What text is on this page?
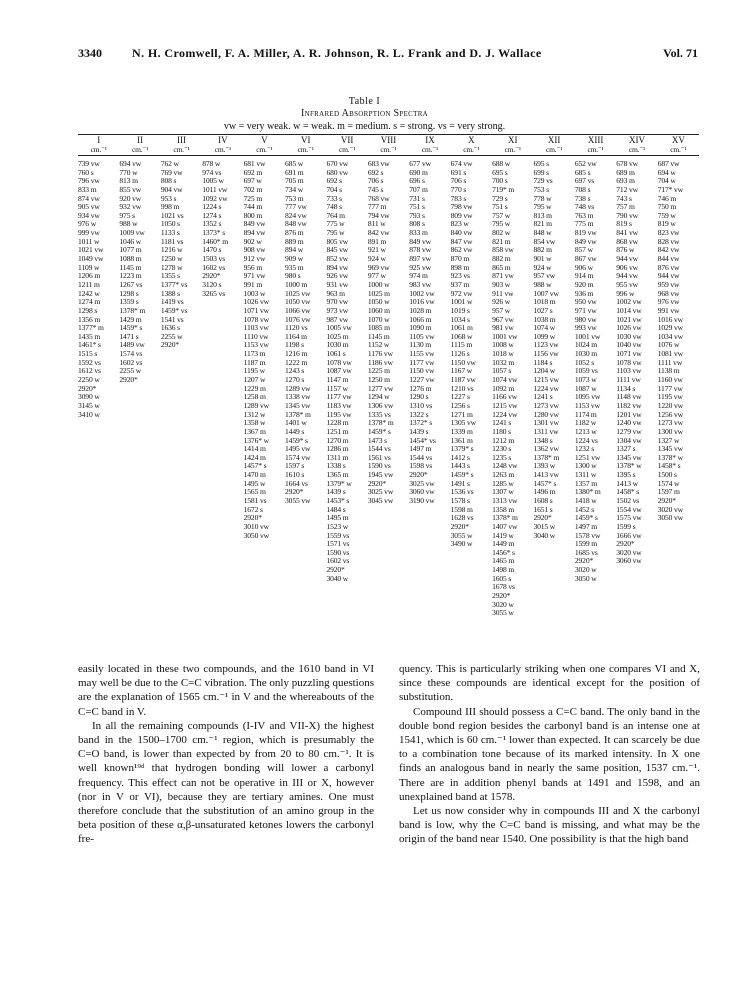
3340	N. H. Cromwell, F. A. Miller, A. R. Johnson, R. L. Frank and D. J. Wallace	Vol. 71
Table I
Infrared Absorption Spectra
vw = very weak. w = weak. m = medium. s = strong. vs = very strong.
I
cm.⁻¹
II
cm.⁻¹
III
cm.⁻¹
IV
cm.⁻¹
V
cm.⁻¹
VI
cm.⁻¹
VII
cm.⁻¹
VIII
cm.⁻¹
IX
cm.⁻¹
X
cm.⁻¹
XI
cm.⁻¹
XII
cm.⁻¹
XIII
cm.⁻¹
XIV
cm.⁻¹
XV
cm.⁻¹
739 vw
760 s
796 vw
833 m
874 vw
905 vw
934 vw
976 w
999 vw
1011 w
1021 vw
1049 vw
1109 w
1206 m
1211 m
1242 w
1274 m
1298 s
1356 m
1377* m
1435 m
1461* s
1515 s
1592 vs
1612 vs
2250 w
2920*
3090 w
3145 w
3410 w
694 vw
770 w
813 m
855 vw
920 vw
932 vw
975 s
988 w
1009 vw
1046 w
1077 m
1088 m
1145 m
1223 m
1267 vs
1298 s
1359 s
1378* m
1429 m
1459* s
1471 s
1489 vw
1574 vs
1602 vs
2255 w
2920*
762 w
769 vw
808 s
904 vw
953 s
998 m
1021 vs
1050 s
1133 s
1181 vs
1216 w
1250 w
1278 w
1355 s
1377* vs
1388 s
1419 vs
1459* vs
1541 vs
1636 s
2255 w
2920*
878 w
974 vs
1005 w
1011 vw
1092 vw
1224 s
1274 s
1352 s
1373* s
1460* m
1470 s
1503 vs
1602 vs
2920*
3120 s
3265 vs
681 vw
692 m
697 w
702 m
725 m
744 m
800 m
849 vw
894 vw
902 w
908 vw
912 vw
956 m
971 vw
991 m
1003 w
1026 vw
1071 vw
1078 vw
1103 vw
1110 vw
1153 vw
1173 m
1187 m
1195 w
1207 w
1229 m
1258 m
1289 vw
1312 w
1358 w
1367 m
1376* w
1414 m
1424 m
1457* s
1470 m
1495 w
1565 m
1581 vs
1672 s
2920*
3010 vw
3050 vw
685 w
691 m
705 m
734 w
753 m
777 vw
824 vw
848 vw
876 m
889 m
894 w
909 w
935 m
980 s
1000 m
1025 vw
1050 vw
1066 vw
1076 vw
1120 vs
1164 m
1198 s
1216 m
1222 m
1243 s
1270 s
1289 vw
1338 vw
1345 vw
1378* m
1401 w
1449 s
1459* s
1495 vw
1574 vw
1597 s
1610 s
1664 vs
2920*
3055 vw
670 vw
680 vw
692 s
704 s
733 s
748 s
764 m
775 w
795 w
805 vw
845 vw
852 vw
894 vw
926 vw
931 vw
963 m
970 vw
973 vw
987 vw
1005 vw
1025 m
1030 m
1061 s
1078 vw
1087 vw
1147 m
1157 w
1177 vw
1183 vw
1195 vw
1228 m
1251 m
1270 m
1286 m
1311 m
1338 s
1365 m
1379* w
1439 s
1453* s
1484 s
1495 m
1523 w
1559 vs
1571 vs
1590 vs
1602 vs
2920*
3040 w
683 vw
692 s
706 s
745 s
768 vw
777 m
794 vw
811 w
842 vw
891 m
921 w
924 w
969 vw
977 w
1000 w
1025 m
1050 w
1060 m
1070 w
1085 m
1145 m
1152 w
1176 vw
1186 vw
1225 m
1250 m
1277 vw
1294 w
1306 vw
1335 vs
1378* m
1459* s
1473 s
1544 vs
1561 vs
1590 vs
1945 vw
2920*
3025 vw
3045 vw
677 vw
690 m
696 s
707 m
731 s
751 s
793 s
808 s
833 m
849 vw
878 vw
897 vw
925 vw
974 m
983 vw
1002 vw
1016 vw
1028 m
1066 m
1090 m
1105 vw
1130 m
1155 vw
1177 vw
1150 vw
1227 vw
1276 m
1290 s
1310 vs
1322 s
1372* s
1439 s
1454* vs
1497 m
1544 vs
1598 vs
2920*
3025 vw
3060 vw
3190 vw
674 vw
691 s
706 s
770 s
783 s
798 vw
809 vw
823 w
840 vw
847 vw
862 vw
870 m
898 m
923 vs
937 m
972 vw
1001 w
1019 s
1034 s
1061 m
1068 w
1115 m
1126 s
1150 vw
1167 w
1187 vw
1210 vs
1227 s
1256 s
1271 m
1305 vw
1339 m
1361 m
1379* s
1412 s
1443 s
1459* s
1491 s
1536 vs
1578 s
1598 m
1628 vs
2920*
3055 w
3490 w
688 w
695 s
700 s
719* m
729 s
751 s
757 w
795 w
802 w
821 m
858 vw
882 m
865 m
871 vw
903 w
911 vw
926 w
957 w
967 vw
981 vw
1001 vw
1008 w
1018 w
1032 m
1057 s
1074 vw
1092 m
1166 vw
1215 vw
1224 vw
1241 s
1180 s
1212 m
1230 s
1235 s
1248 vw
1263 m
1285 w
1307 w
1313 vw
1358 m
1378* m
1407 vw
1419 w
1449 m
1456* s
1465 m
1498 m
1605 s
1678 vs
2920*
3020 w
3055 w
695 s
699 s
729 vs
753 s
778 w
795 w
813 m
821 m
848 w
854 vw
882 m
901 w
924 w
957 vw
988 w
1007 vw
1018 m
1027 s
1038 m
1074 w
1099 w
1123 vw
1156 vw
1184 s
1204 w
1215 vw
1224 vw
1241 s
1273 vw
1280 vw
1301 vw
1311 vw
1348 s
1362 vw
1378* m
1393 w
1413 vw
1457* s
1496 m
1608 s
1651 s
2920*
3015 w
3040 w
652 vw
685 s
697 vs
708 s
738 s
748 vs
763 m
775 m
819 vw
849 vw
857 w
867 vw
906 w
914 m
920 m
936 m
950 vw
971 vw
980 vw
993 vw
1001 vw
1024 m
1030 m
1052 s
1059 vs
1073 w
1087 w
1095 vw
1153 vw
1174 m
1182 w
1213 w
1224 vs
1232 s
1251 vw
1300 w
1311 w
1357 m
1380* m
1418 w
1452 s
1459* s
1497 m
1578 vw
1599 m
1685 vs
2920*
3020 w
3050 w
678 vw
689 m
693 m
712 vw
743 s
757 m
790 vw
819 s
841 vw
868 vw
876 w
944 vw
906 vw
944 vw
955 vw
996 w
1002 vw
1014 vw
1021 vw
1026 vw
1030 vw
1040 vw
1071 vw
1078 vw
1103 vw
1111 vw
1134 s
1148 vw
1182 vw
1201 vw
1240 vw
1279 vw
1304 vw
1327 s
1345 vw
1378* w
1395 s
1413 w
1458* s
1502 vs
1554 vw
1575 vw
1599 s
1666 vw
2920*
3020 vw
3060 vw
687 vw
694 w
704 w
717* vw
746 m
750 m
759 w
819 w
823 vw
828 vw
842 vw
844 vw
876 vw
944 vw
959 vw
968 vw
976 vw
991 vw
1016 vw
1029 vw
1034 vw
1076 w
1081 vw
1111 vw
1138 m
1160 vw
1177 vw
1195 vw
1220 vw
1256 vw
1273 vw
1300 vw
1327 w
1345 vw
1378* w
1458* s
1500 s
1574 w
1597 m
2920*
3020 vw
3050 vw

easily located in these two compounds, and the 1610 band in VI may well be due to the C=C vibration. The only puzzling questions are the explanation of 1565 cm.⁻¹ in V and the whereabouts of the C=C band in V.

In all the remaining compounds (I-IV and VII-X) the highest band in the 1500–1700 cm.⁻¹ region, which is presumably the C=O band, is lower than expected by from 20 to 80 cm.⁻¹. It is well known¹⁹ᵈ that hydrogen bonding will lower a carbonyl frequency. This effect can not be operative in III or X, however (nor in V or VI), because they are tertiary amines. One must therefore conclude that the substitution of an amino group in the beta position of these α,β-unsaturated ketones lowers the carbonyl fre-

quency. This is particularly striking when one compares VI and X, since these compounds are identical except for the position of substitution.

Compound III should possess a C=C band. The only band in the double bond region besides the carbonyl band is an intense one at 1541, which is 60 cm.⁻¹ lower than expected. It can scarcely be due to a combination tone because of its marked intensity. In X one finds an analogous band in nearly the same position, 1537 cm.⁻¹. There are in addition phenyl bands at 1491 and 1598, and an unexplained band at 1578.

Let us now consider why in compounds III and X the carbonyl band is low, why the C=C band is missing, and what may be the origin of the band near 1540. One possibility is that the high band
